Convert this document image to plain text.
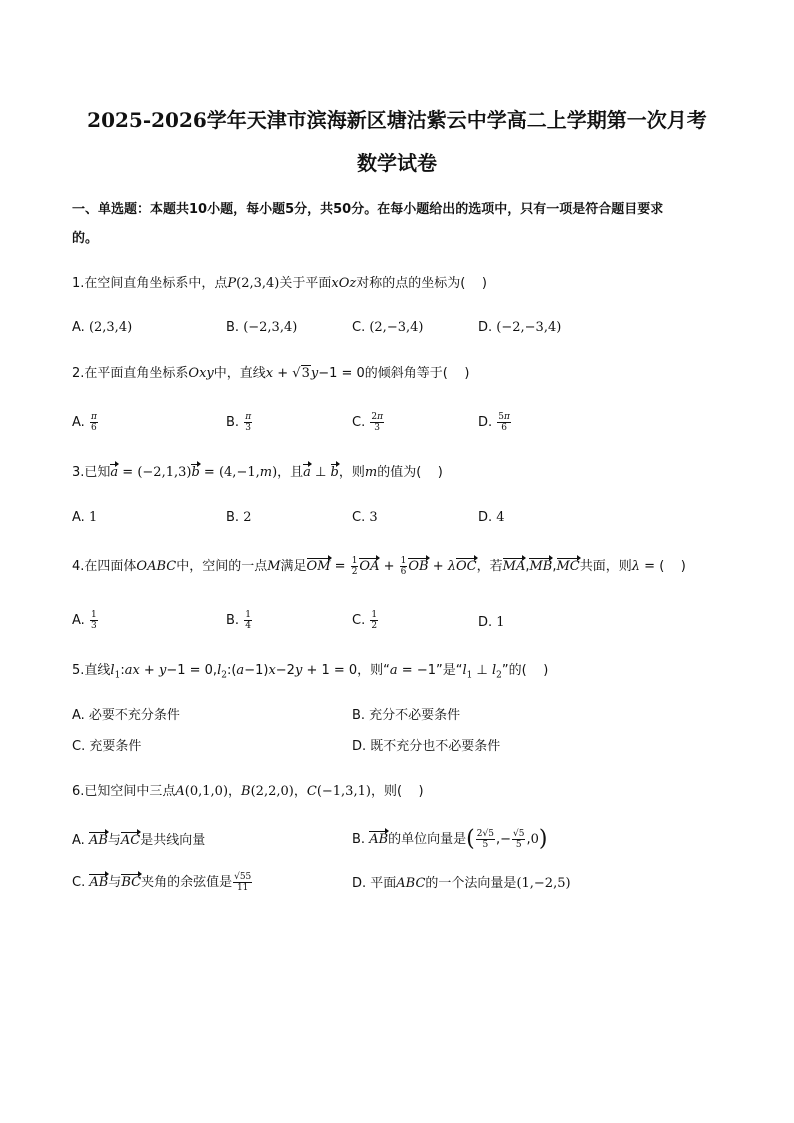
2025-2026学年天津市滨海新区塘沽紫云中学高二上学期第一次月考
数学试卷
一、单选题：本题共10小题，每小题5分，共50分。在每小题给出的选项中，只有一项是符合题目要求
的。
1.在空间直角坐标系中，点P(2,3,4)关于平面xOz对称的点的坐标为(    )
A. (2,3,4)	B. (−2,3,4)	C. (2,−3,4)	D. (−2,−3,4)
2.在平面直角坐标系Oxy中，直线x + √3y−1 = 0的倾斜角等于(    )
A. $\frac{\pi}{6}$	B. $\frac{\pi}{3}$	C. $\frac{2\pi}{3}$	D. $\frac{5\pi}{6}$
3.已知a = (−2,1,3)b = (4,−1,m)，且a ⊥ b，则m的值为(    )
A. 1	B. 2	C. 3	D. 4
4.在四面体OABC中，空间的一点M满足OM = $\frac{1}{2}$ OA + $\frac{1}{6}$ OB + λOC，若MA,MB,MC共面，则λ = (    )
A. $\frac{1}{3}$	B. $\frac{1}{4}$	C. $\frac{1}{2}$	D. 1
5.直线$l_1:ax + y-1$ = $0,l_2:(a-1)x-2y + 1 = 0$，则“a = −1”是“$l_1$ ⊥ $l_2$”的(    )
A. 必要不充分条件	B. 充分不必要条件
C. 充要条件	D. 既不充分也不必要条件
6.已知空间中三点A(0,1,0)，B(2,2,0)，C(−1,3,1)，则(    )
A. AB与AC是共线向量	B. AB的单位向量是( $\frac{2√5}{5}$ ,− $\frac{√5}{5} ,0$)
C. AB与BC夹角的余弦值是 $\frac{√55}{11}$	D. 平面ABC的一个法向量是(1,−2,5)
